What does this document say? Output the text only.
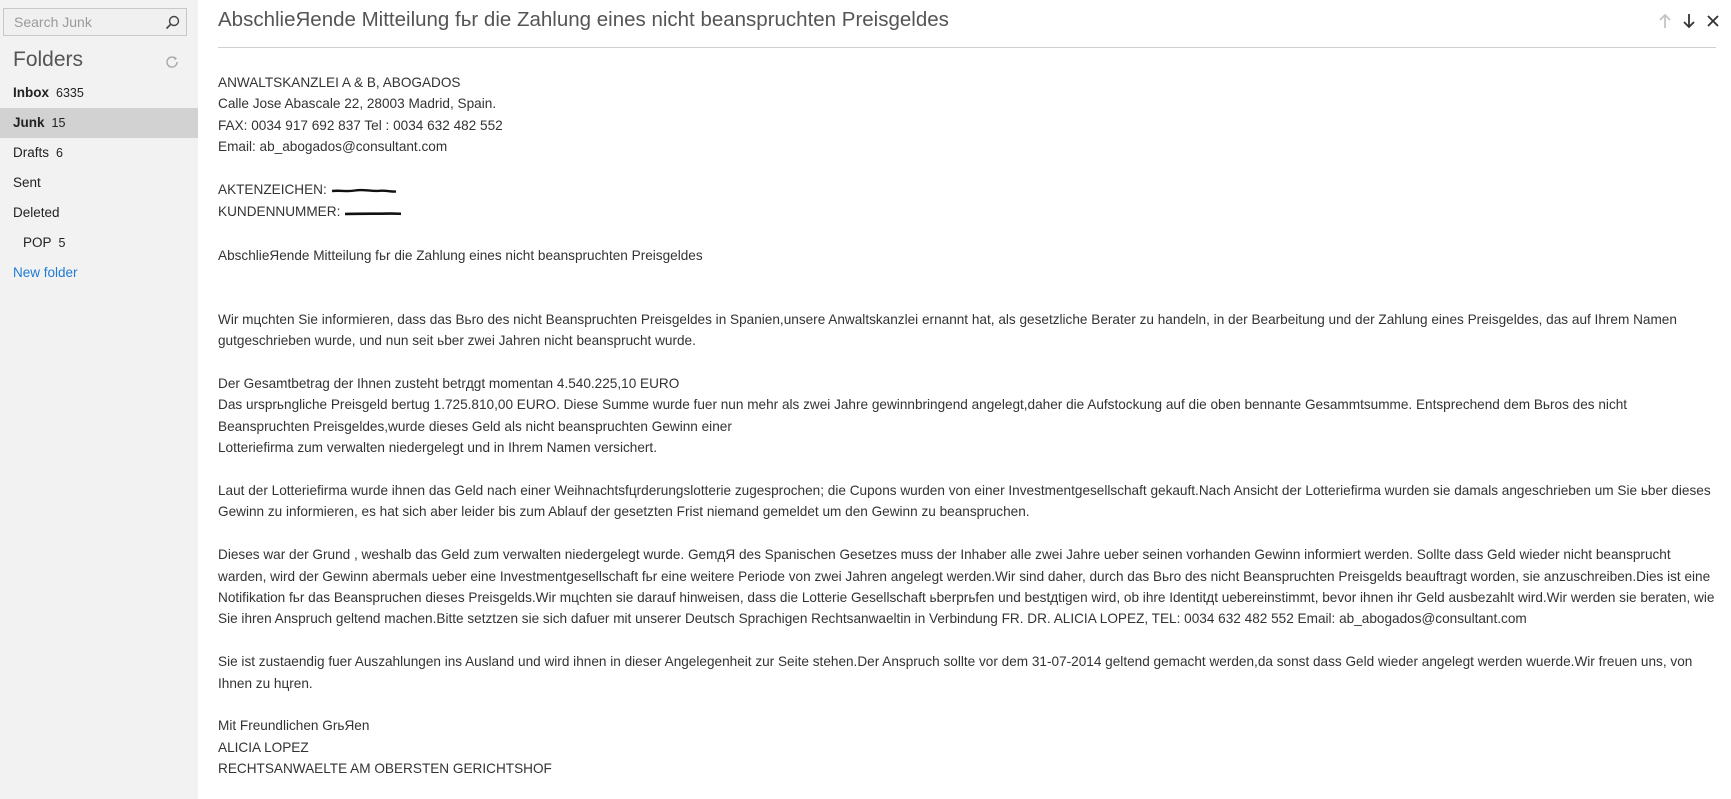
Search Junk
Folders
Inbox 6335
Junk 15
Drafts 6
Sent
Deleted
POP 5
New folder
AbschlieЯende Mitteilung fьr die Zahlung eines nicht beanspruchten Preisgeldes

ANWALTSKANZLEI A & B, ABOGADOS

Calle Jose Abascale 22, 28003 Madrid, Spain.

FAX: 0034 917 692 837 Tel : 0034 632 482 552

Email: ab_abogados@consultant.com

AKTENZEICHEN:

KUNDENNUMMER:

AbschlieЯende Mitteilung fьr die Zahlung eines nicht beanspruchten Preisgeldes

Wir mцchten Sie informieren, dass das Bьro des nicht Beanspruchten Preisgeldes in Spanien,unsere Anwaltskanzlei ernannt hat, als gesetzliche Berater zu handeln, in der Bearbeitung und der Zahlung eines Preisgeldes, das auf Ihrem Namen gutgeschrieben wurde, und nun seit ьber zwei Jahren nicht beansprucht wurde.

Der Gesamtbetrag der Ihnen zusteht betrдgt momentan 4.540.225,10 EURO

Das ursprьngliche Preisgeld bertug 1.725.810,00 EURO. Diese Summe wurde fuer nun mehr als zwei Jahre gewinnbringend angelegt,daher die Aufstockung auf die oben bennante Gesammtsumme. Entsprechend dem Bьros des nicht Beanspruchten Preisgeldes,wurde dieses Geld als nicht beanspruchten Gewinn einer

Lotteriefirma zum verwalten niedergelegt und in Ihrem Namen versichert.

Laut der Lotteriefirma wurde ihnen das Geld nach einer Weihnachtsfцrderungslotterie zugesprochen; die Cupons wurden von einer Investmentgesellschaft gekauft.Nach Ansicht der Lotteriefirma wurden sie damals angeschrieben um Sie ьber dieses Gewinn zu informieren, es hat sich aber leider bis zum Ablauf der gesetzten Frist niemand gemeldet um den Gewinn zu beanspruchen.

Dieses war der Grund , weshalb das Geld zum verwalten niedergelegt wurde. GemдЯ des Spanischen Gesetzes muss der Inhaber alle zwei Jahre ueber seinen vorhanden Gewinn informiert werden. Sollte dass Geld wieder nicht beansprucht warden, wird der Gewinn abermals ueber eine Investmentgesellschaft fьr eine weitere Periode von zwei Jahren angelegt werden.Wir sind daher, durch das Bьro des nicht Beanspruchten Preisgelds beauftragt worden, sie anzuschreiben.Dies ist eine Notifikation fьr das Beanspruchen dieses Preisgelds.Wir mцchten sie darauf hinweisen, dass die Lotterie Gesellschaft ьberprьfen und bestдtigen wird, ob ihre Identitдt uebereinstimmt, bevor ihnen ihr Geld ausbezahlt wird.Wir werden sie beraten, wie Sie ihren Anspruch geltend machen.Bitte setztzen sie sich dafuer mit unserer Deutsch Sprachigen Rechtsanwaeltin in Verbindung FR. DR. ALICIA LOPEZ, TEL: 0034 632 482 552 Email: ab_abogados@consultant.com

Sie ist zustaendig fuer Auszahlungen ins Ausland und wird ihnen in dieser Angelegenheit zur Seite stehen.Der Anspruch sollte vor dem 31-07-2014 geltend gemacht werden,da sonst dass Geld wieder angelegt werden wuerde.Wir freuen uns, von Ihnen zu hцren.

Mit Freundlichen GrьЯen

ALICIA LOPEZ

RECHTSANWAELTE AM OBERSTEN GERICHTSHOF
